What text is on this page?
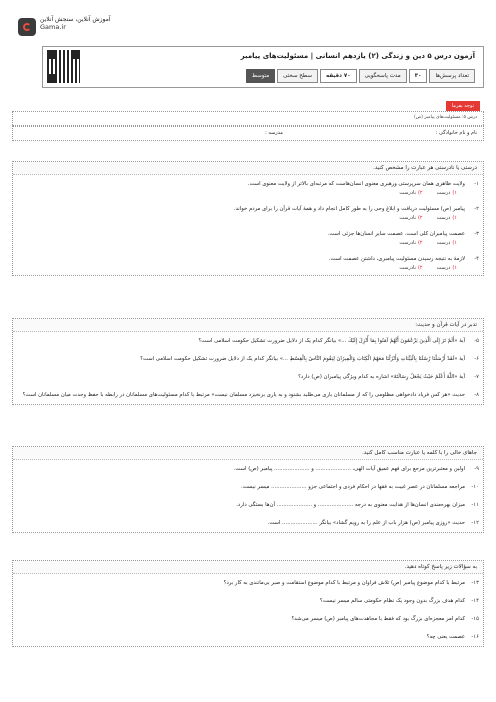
آموزش آنلاین، سنجش آنلاین
Gama.ir
آزمون درس ۵ دین و زندگی (۲) یازدهم انسانی | مسئولیت‌های پیامبر
تعداد پرسش‌ها
۳۰
مدت پاسخگویی
۷۰ دقیقه
سطح سختی
متوسط
توجه بفرما
درس ۵: مسئولیت‌های پیامبر (ص)
نام و نام خانوادگی :
مدرسه :
درستی یا نادرستی هر عبارت را مشخص کنید.
۱-
ولایت ظاهری همان سرپرستی ورهبری معنوی انسان‌هاست که مرتبه‌ای بالاتر از ولایت معنوی است.
۱)درست
۲)نادرست
۲-
پیامبر (ص) مسئولیت دریافت و ابلاغ وحی را به طور کامل انجام داد و همهٔ آیات قرآن را برای مردم خواند.
۱)درست
۲)نادرست
۳-
عصمت پیامبران کلی است، عصمت سایر انسان‌ها جزئی است.
۱)درست
۲)نادرست
۴-
لازمهٔ به نتیجه رسیدن مسئولیت پیامبری، داشتن عصمت است.
۱)درست
۲)نادرست
تدبر در آیات قرآن و حدیث:
۵-
آیهٔ «أَلَمْ تَرَ إِلَى الَّذِينَ يَزْعُمُونَ أَنَّهُمْ آمَنُوا بِمَا أُنْزِلَ إِلَيْكَ ...» بیانگر کدام یک از دلایل ضرورت تشکیل حکومت اسلامی است؟
۶-
آیهٔ «لَقَدْ أَرْسَلْنَا رُسُلَنَا بِالْبَيِّنَاتِ وَأَنْزَلْنَا مَعَهُمُ الْكِتَابَ وَالْمِيزَانَ لِيَقُومَ النَّاسُ بِالْقِسْطِ ...» بیانگر کدام یک از دلایل ضرورت تشکیل حکومت اسلامی است؟
۷-
آیهٔ «اللَّهُ أَعْلَمُ حَيْثُ يَجْعَلُ رِسَالَتَهُ» اشاره به کدام ویژگی پیامبران (ص) دارد؟
۸-
حدیث «هر کس فریاد دادخواهی مظلومی را که از مسلمانان یاری می‌طلبد بشنود و به یاری برنخیزد مسلمان نیست» مرتبط با کدام مسئولیت‌های مسلمانان در رابطه با حفظ وحدت میان مسلمانان است؟
جاهای خالی را با کلمه یا عبارت مناسب کامل کنید.
۹-
اولین و معتبرترین مرجع برای فهم عمیق آیات الهی، ..................... و ..................... پیامبر (ص) است.
۱۰-
مراجعه مسلمانان در عصر غیبت به فقها در احکام فردی و اجتماعی جزو ..................... میسر نیست.
۱۱-
میزان بهره‌مندی انسان‌ها از هدایت معنوی به درجه ..................... و ..................... آن‌ها بستگی دارد.
۱۲-
حدیث «روزی پیامبر (ص) هزار باب از علم را به رویم گشاد» بیانگر ..................... است.
به سؤالات زیر پاسخ کوتاه دهید.
۱۳-
مرتبط با کدام موضوع پیامبر (ص) تلاش فراوان و مرتبط با کدام موضوع استقامت و صبر بی‌مانندی به کار برد؟
۱۴-
کدام هدف بزرگ بدون وجود یک نظام حکومتی سالم میسر نیست؟
۱۵-
کدام امر معجزه‌ای بزرگ بود که فقط با مجاهدت‌های پیامبر (ص) میسر می‌شد؟
۱۶-
عصمت یعنی چه؟
